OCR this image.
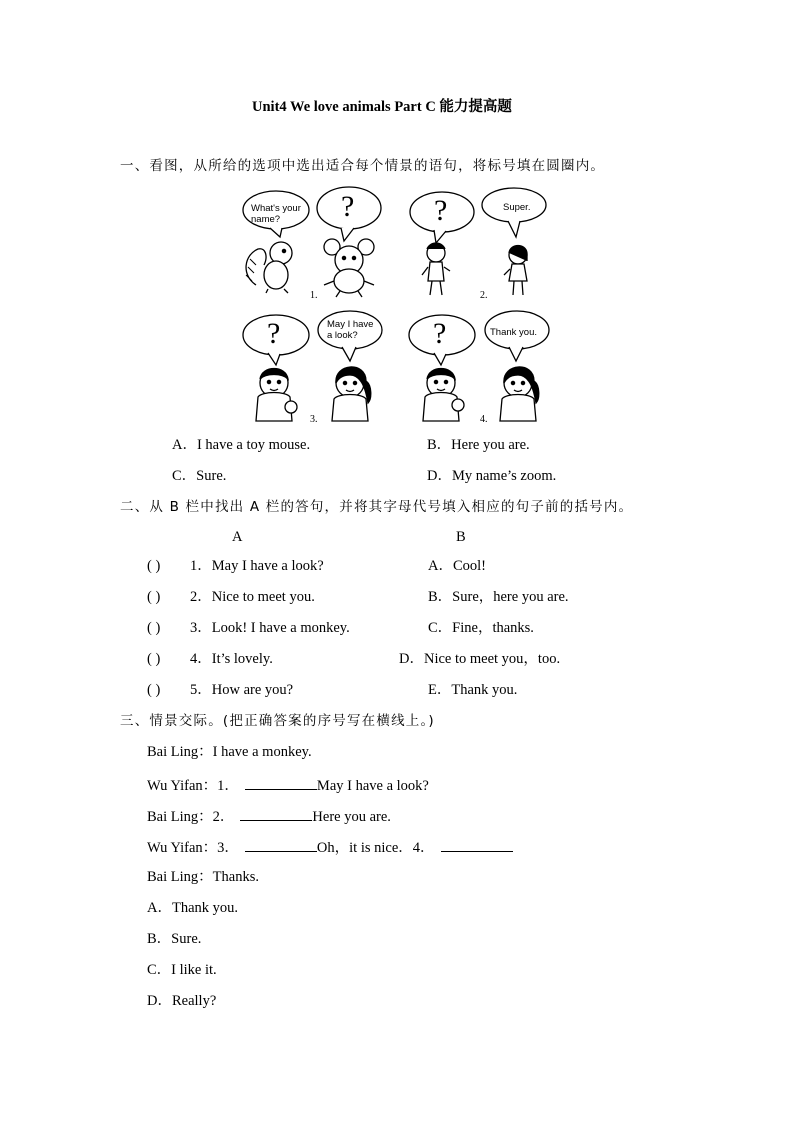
Unit4 We love animals Part C 能力提高题
一、看图，从所给的选项中选出适合每个情景的语句，将标号填在圆圈内。
What's your name?	?	?	Super.
?	May I have a look?	?	Thank you.
1.	2.
3.	4.
A．I have a toy mouse.	B．Here you are.
C．Sure.	D．My name’s zoom.
二、从 B 栏中找出 A 栏的答句，并将其字母代号填入相应的句子前的括号内。
A	B
( ) 1．May I have a look?	A．Cool!
( ) 2．Nice to meet you.	B．Sure，here you are.
( ) 3．Look! I have a monkey.	C．Fine，thanks.
( ) 4．It’s lovely.	D．Nice to meet you，too.
( ) 5．How are you?	E．Thank you.
三、情景交际。(把正确答案的序号写在横线上。)
Bai Ling：I have a monkey.
Wu Yifan：1．	May I have a look?
Bai Ling：2．	Here you are.
Wu Yifan：3．	Oh，it is nice．4．
Bai Ling：Thanks.
A．Thank you.
B．Sure.
C．I like it.
D．Really?
